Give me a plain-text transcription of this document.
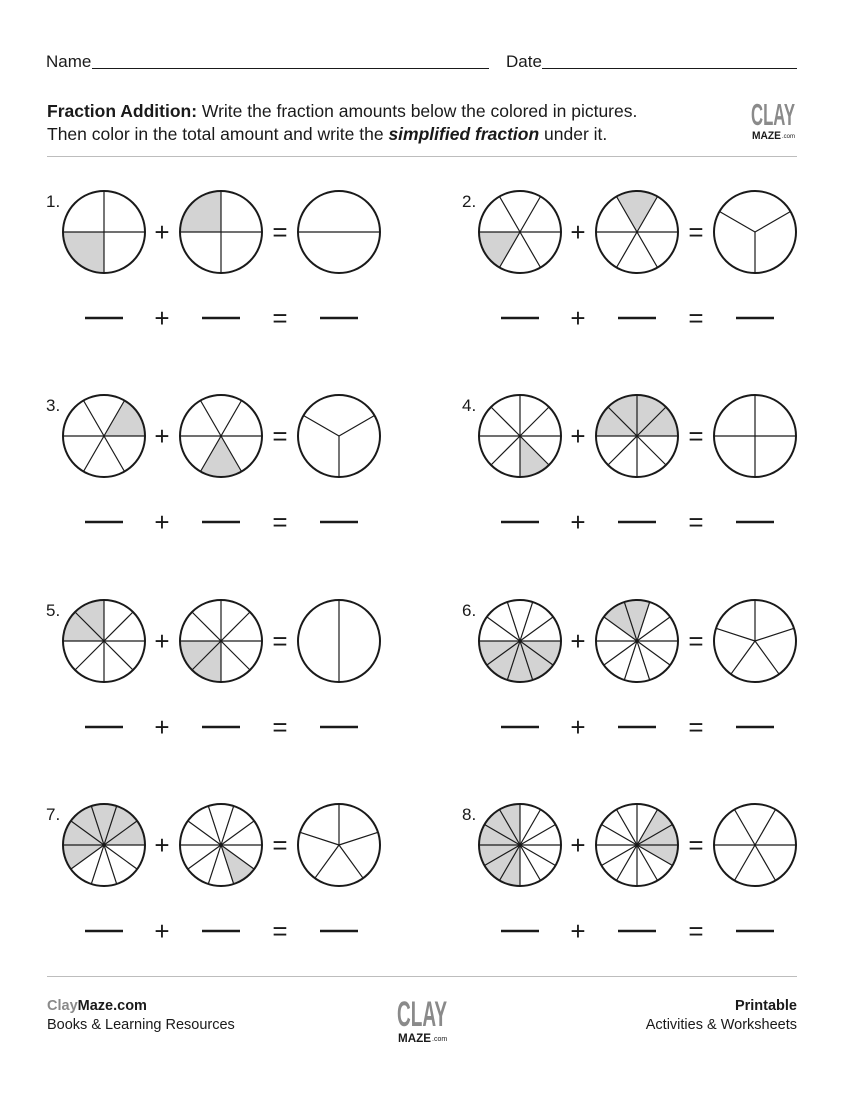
Name	Date
Fraction Addition: Write the fraction amounts below the colored in pictures.
Then color in the total amount and write the simplified fraction under it.
CLAY
MAZE .com
1.
+	=
+	=
2.
+	=
+	=
3.
+	=
+	=
4.
+	=
+	=
5.
+	=
+	=
6.
+	=
+	=
7.
+	=
+	=
8.
+	=
+	=
ClayMaze.com
Books & Learning Resources	CLAY
MAZE .com
Printable
Activities & Worksheets
